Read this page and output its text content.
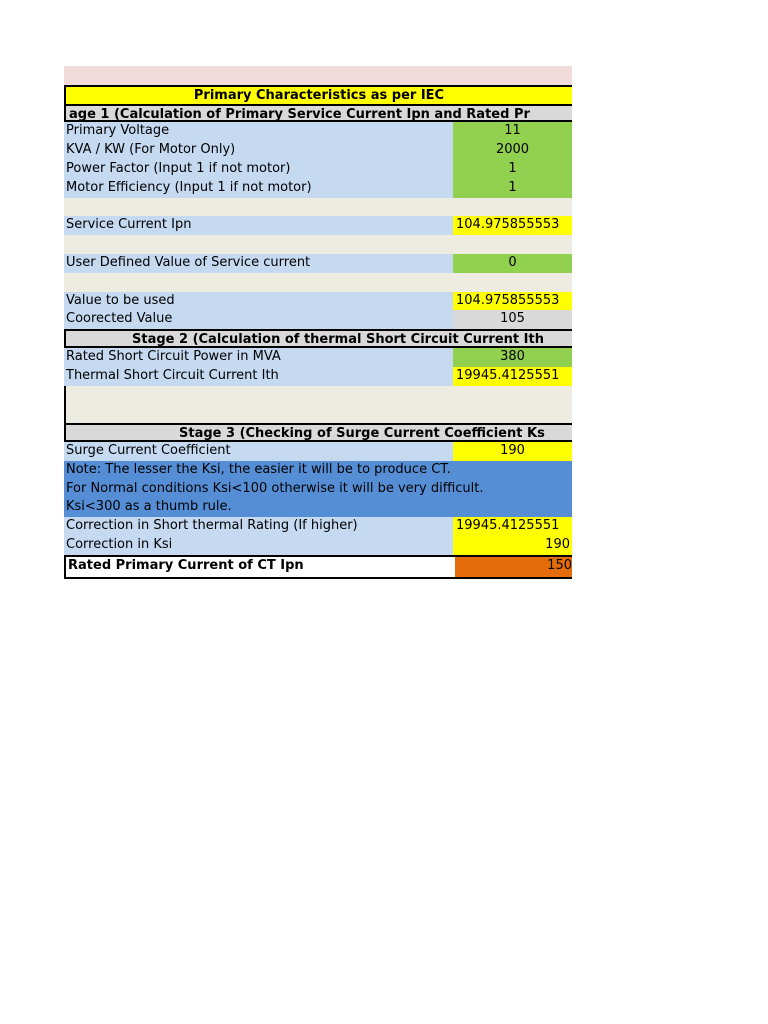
Primary Characteristics as per IEC
age 1 (Calculation of Primary Service Current Ipn and Rated Pr
Primary Voltage	11
KVA / KW (For Motor Only)	2000
Power Factor (Input 1 if not motor)	1
Motor Efficiency (Input 1 if not motor)	1
Service Current Ipn	104.975855553
User Defined Value of Service current	0
Value to be used	104.975855553
Coorected Value	105
Stage 2 (Calculation of thermal Short Circuit Current Ith
Rated Short Circuit Power in MVA	380
Thermal Short Circuit Current Ith	19945.4125551
Stage 3 (Checking of Surge Current Coefficient Ks
Surge Current Coefficient	190
Note: The lesser the Ksi, the easier it will be to produce CT.
For Normal conditions Ksi<100 otherwise it will be very difficult.
Ksi<300 as a thumb rule.
Correction in Short thermal Rating (If higher)	19945.4125551
Correction in Ksi	190
Rated Primary Current of CT Ipn	150
